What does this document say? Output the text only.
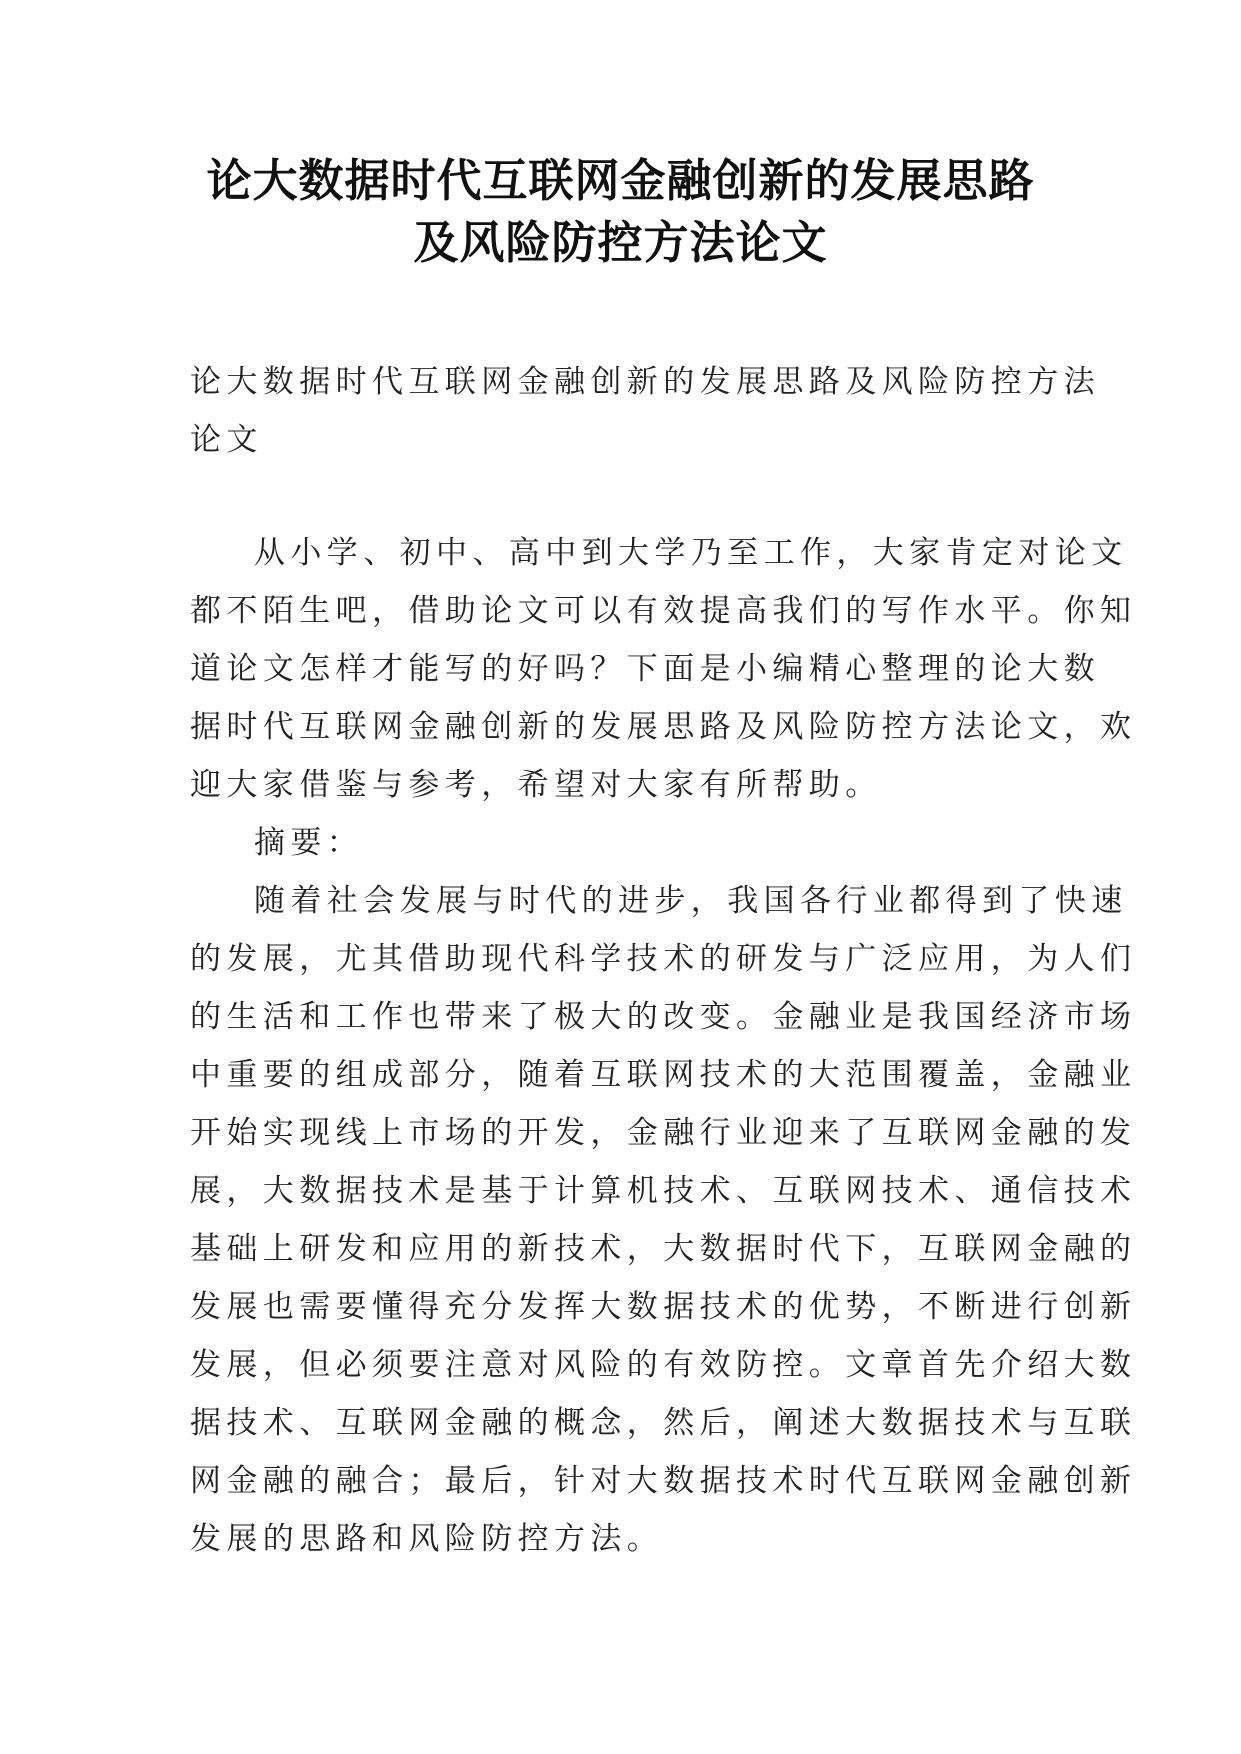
论大数据时代互联网金融创新的发展思路
及风险防控方法论文
论大数据时代互联网金融创新的发展思路及风险防控方法
论文
从小学、初中、高中到大学乃至工作，大家肯定对论文
都不陌生吧，借助论文可以有效提高我们的写作水平。你知
道论文怎样才能写的好吗？下面是小编精心整理的论大数
据时代互联网金融创新的发展思路及风险防控方法论文，欢
迎大家借鉴与参考，希望对大家有所帮助。
摘要：
随着社会发展与时代的进步，我国各行业都得到了快速
的发展，尤其借助现代科学技术的研发与广泛应用，为人们
的生活和工作也带来了极大的改变。金融业是我国经济市场
中重要的组成部分，随着互联网技术的大范围覆盖，金融业
开始实现线上市场的开发，金融行业迎来了互联网金融的发
展，大数据技术是基于计算机技术、互联网技术、通信技术
基础上研发和应用的新技术，大数据时代下，互联网金融的
发展也需要懂得充分发挥大数据技术的优势，不断进行创新
发展，但必须要注意对风险的有效防控。文章首先介绍大数
据技术、互联网金融的概念，然后，阐述大数据技术与互联
网金融的融合；最后，针对大数据技术时代互联网金融创新
发展的思路和风险防控方法。
